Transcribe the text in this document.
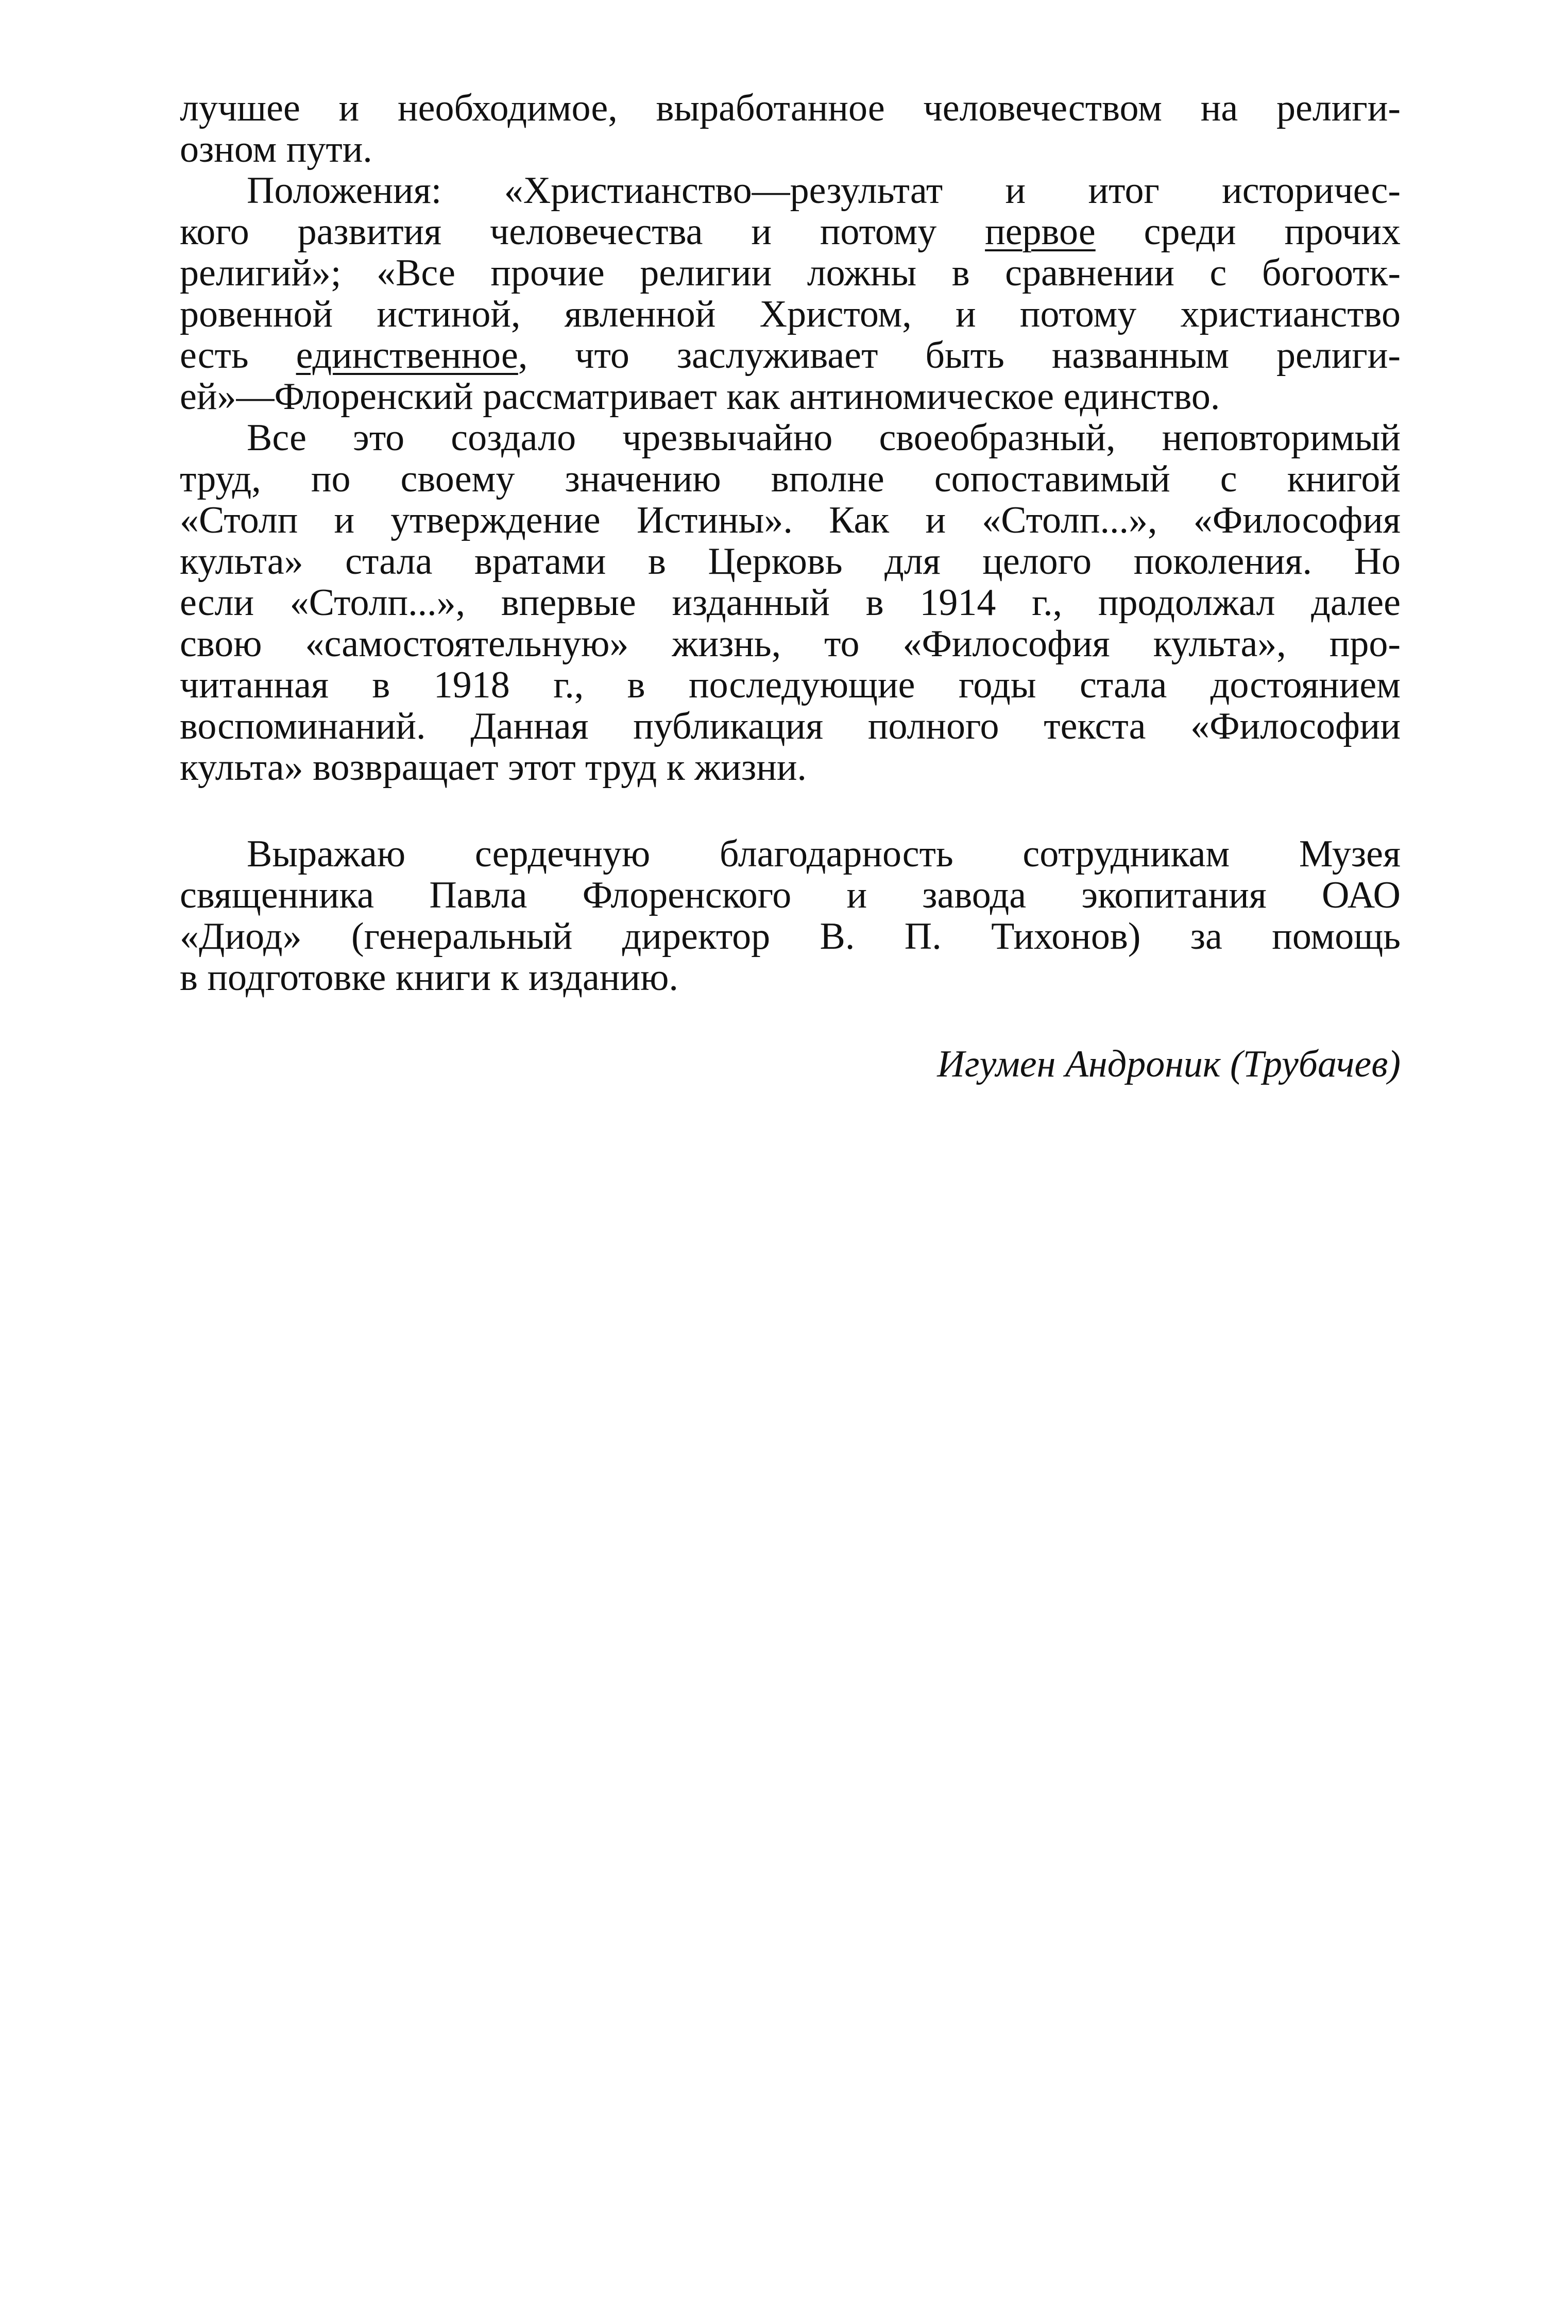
лучшее и необходимое, выработанное человечеством на религи-
озном пути.
Положения: «Христианство—результат и итог историчес-
кого развития человечества и потому первое среди прочих
религий»; «Все прочие религии ложны в сравнении с богоотк-
ровенной истиной, явленной Христом, и потому христианство
есть единственное, что заслуживает быть названным религи-
ей»—Флоренский рассматривает как антиномическое единство.
Все это создало чрезвычайно своеобразный, неповторимый
труд, по своему значению вполне сопоставимый с книгой
«Столп и утверждение Истины». Как и «Столп...», «Философия
культа» стала вратами в Церковь для целого поколения. Но
если «Столп...», впервые изданный в 1914 г., продолжал далее
свою «самостоятельную» жизнь, то «Философия культа», про-
читанная в 1918 г., в последующие годы стала достоянием
воспоминаний. Данная публикация полного текста «Философии
культа» возвращает этот труд к жизни.
Выражаю сердечную благодарность сотрудникам Музея
священника Павла Флоренского и завода экопитания ОАО
«Диод» (генеральный директор В. П. Тихонов) за помощь
в подготовке книги к изданию.
Игумен Андроник (Трубачев)
